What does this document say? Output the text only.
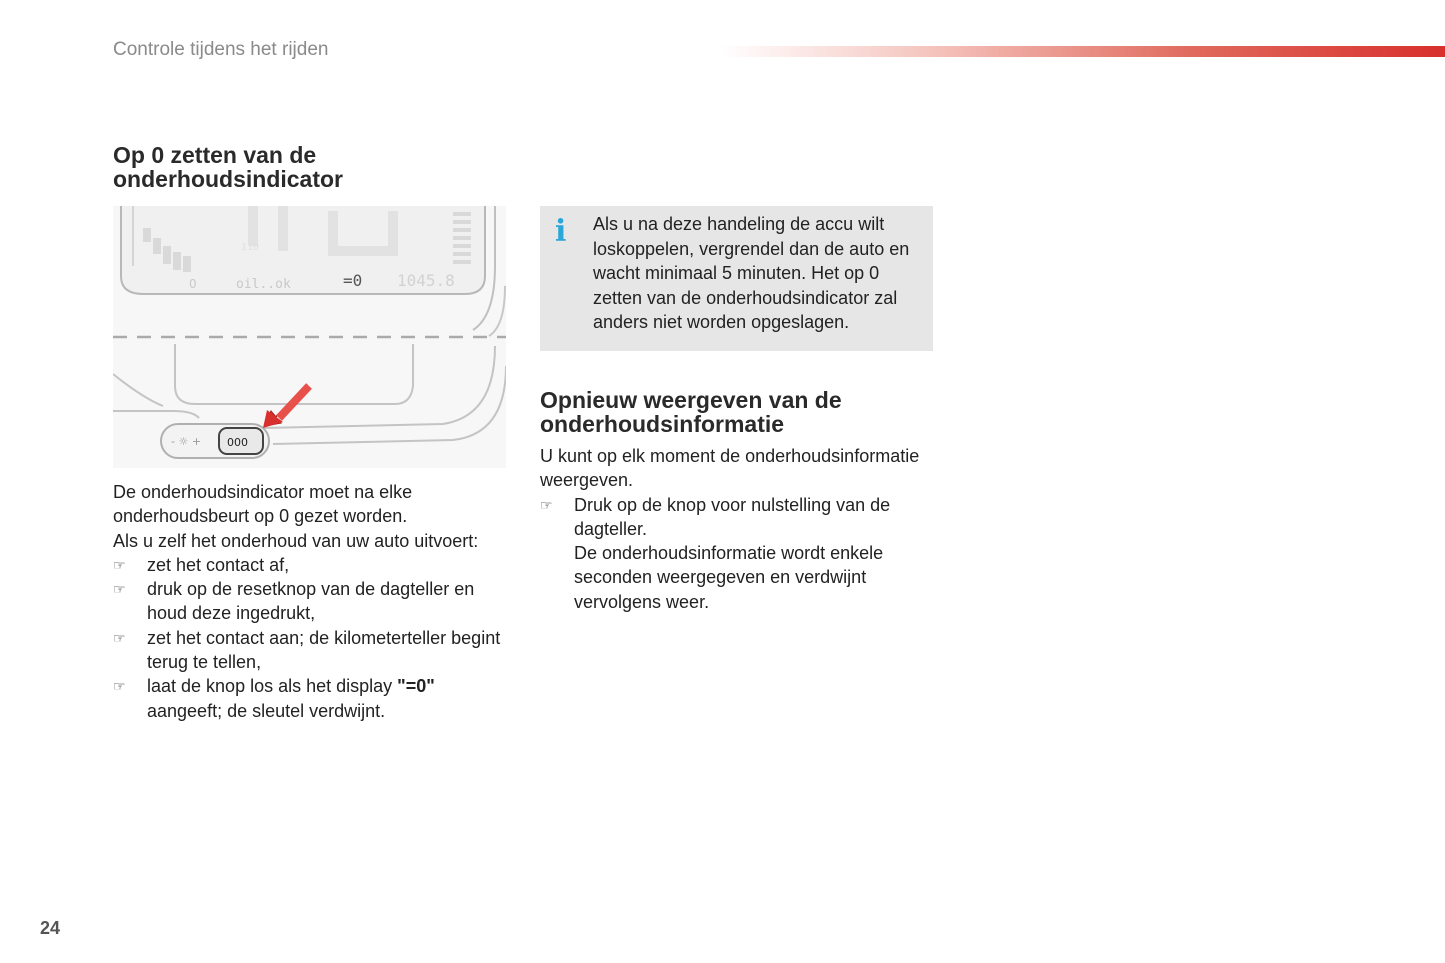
Controle tijdens het rijden
Op 0 zetten van de onderhoudsindicator
110
0	oil..ok	=0 1045.8
- ☼ + 000

De onderhoudsindicator moet na elke onderhoudsbeurt op 0 gezet worden.

Als u zelf het onderhoud van uw auto uitvoert:

☞	zet het contact af,
☞	druk op de resetknop van de dagteller en houd deze ingedrukt,
☞	zet het contact aan; de kilometerteller begint terug te tellen,
☞	laat de knop los als het display "=0" aangeeft; de sleutel verdwijnt.
i Als u na deze handeling de accu wilt loskoppelen, vergrendel dan de auto en wacht minimaal 5 minuten. Het op 0 zetten van de onderhoudsindicator zal anders niet worden opgeslagen.
Opnieuw weergeven van de onderhoudsinformatie

U kunt op elk moment de onderhoudsinformatie weergeven.

☞	Druk op de knop voor nulstelling van de dagteller.
De onderhoudsinformatie wordt enkele seconden weergegeven en verdwijnt vervolgens weer.
24
